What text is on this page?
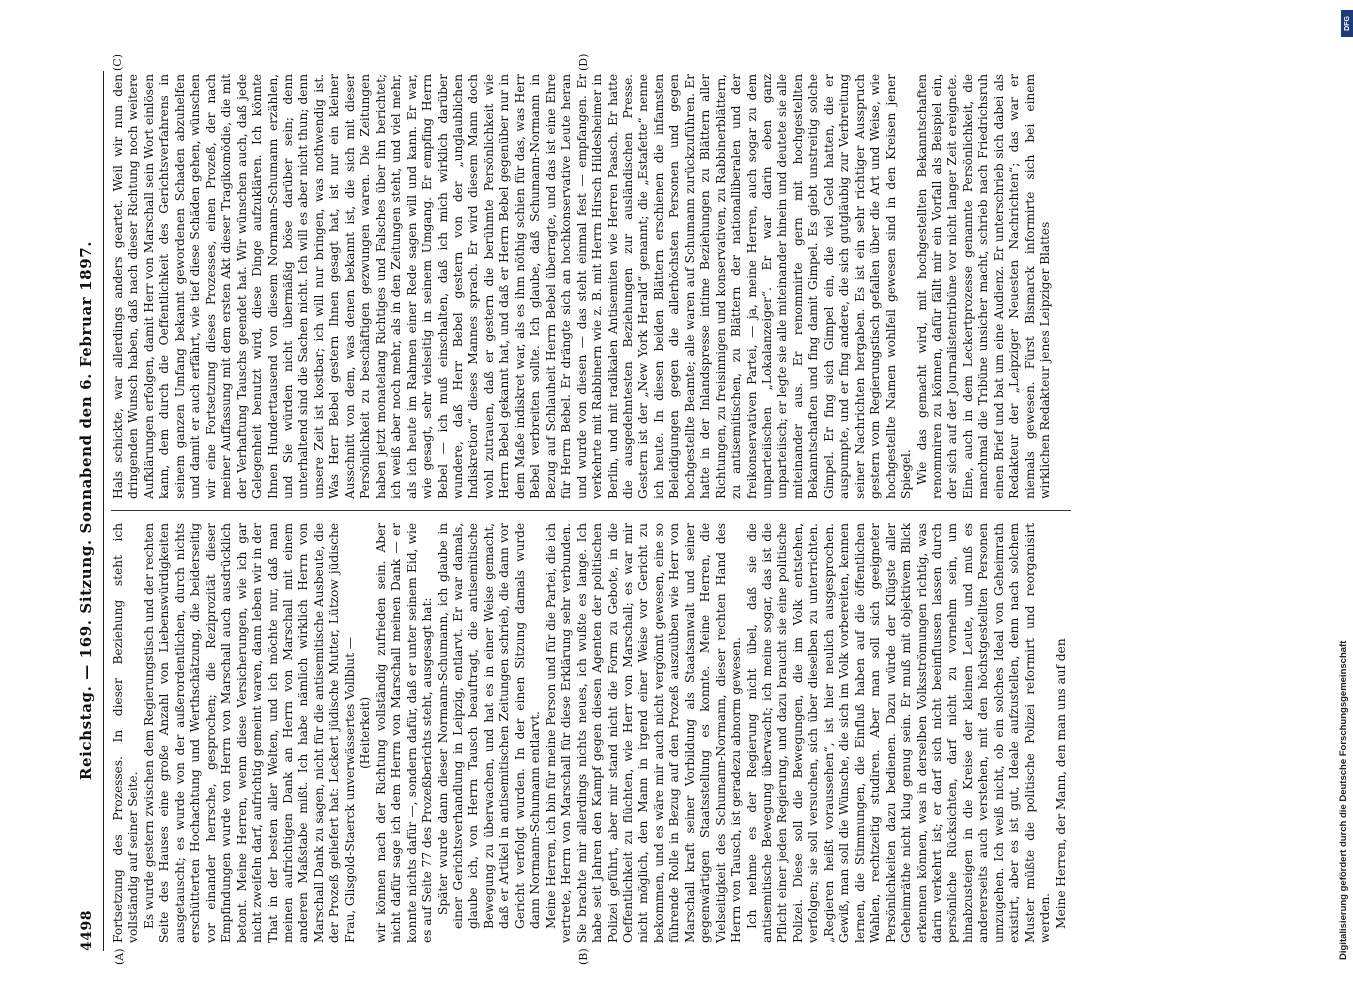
4498
Reichstag. — 169. Sitzung. Sonnabend den 6. Februar 1897.
(A)	(B)
(C)	(D)

Fortsetzung des Prozesses. In dieser Beziehung steht ich vollständig auf seiner Seite. Es wurde gestern zwischen dem Regierungstisch und der rechten Seite des Hauses eine große Anzahl von Liebenswürdigkeiten ausgetauscht; es wurde von der außerordentlichen, durch nichts erschütterten Hochachtung und Werthschätzung, die beiderseitig vor einander herrsche, gesprochen; die Reziprozität dieser Empfindungen wurde von Herrn von Marschall auch ausdrücklich betont. Meine Herren, wenn diese Versicherungen, wie ich gar nicht zweifeln darf, aufrichtig gemeint waren, dann leben wir in der That in der besten aller Welten, und ich möchte nur, daß man meinen aufrichtigen Dank an Herrn von Marschall mit einem anderen Maßstabe mißt. Ich habe nämlich wirklich Herrn von Marschall Dank zu sagen, nicht für die antisemitische Ausbeute, die der Prozeß geliefert hat: Leckert jüdische Mutter, Lützow jüdische Frau, Glisgold-Staerck unverwässertes Vollblut — (Heiterkeit) wir können nach der Richtung vollständig zufrieden sein. Aber nicht dafür sage ich dem Herrn von Marschall meinen Dank — er konnte nichts dafür —, sondern dafür, daß er unter seinem Eid, wie es auf Seite 77 des Prozeßberichts steht, ausgesagt hat: Später wurde dann dieser Normann-Schumann, ich glaube in einer Gerichtsverhandlung in Leipzig, entlarvt. Er war damals, glaube ich, von Herrn Tausch beauftragt, die antisemitische Bewegung zu überwachen, und hat es in einer Weise gemacht, daß er Artikel in antisemitischen Zeitungen schrieb, die dann vor Gericht verfolgt wurden. In der einen Sitzung damals wurde dann Normann-Schumann entlarvt. Meine Herren, ich bin für meine Person und für die Partei, die ich vertrete, Herrn von Marschall für diese Erklärung sehr verbunden. Sie brachte mir allerdings nichts neues, ich wußte es lange. Ich habe seit Jahren den Kampf gegen diesen Agenten der politischen Polizei geführt, aber mir stand nicht die Form zu Gebote, in die Oeffentlichkeit zu flüchten, wie Herr von Marschall; es war mir nicht möglich, den Mann in irgend einer Weise vor Gericht zu bekommen, und es wäre mir auch nicht vergönnt gewesen, eine so führende Rolle in Bezug auf den Prozeß auszuüben wie Herr von Marschall kraft seiner Vorbildung als Staatsanwalt und seiner gegenwärtigen Staatsstellung es konnte. Meine Herren, die Vielseitigkeit des Schumann-Normann, dieser rechten Hand des Herrn von Tausch, ist geradezu abnorm gewesen. Ich nehme es der Regierung nicht übel, daß sie die antisemitische Bewegung überwacht; ich meine sogar, das ist die Pflicht einer jeden Regierung, und dazu braucht sie eine politische Polizei. Diese soll die Bewegungen, die im Volk entstehen, verfolgen; sie soll versuchen, sich über dieselben zu unterrichten. „Regieren heißt voraussehen“, ist hier neulich ausgesprochen. Gewiß, man soll die Wünsche, die sich im Volk vorbereiten, kennen lernen, die Stimmungen, die Einfluß haben auf die öffentlichen Wahlen, rechtzeitig studiren. Aber man soll sich geeigneter Persönlichkeiten dazu bedienen. Dazu würde der Klügste aller Geheimräthe nicht klug genug sein. Er muß mit objektivem Blick erkennen können, was in derselben Volksströmungen richtig, was darin verkehrt ist; er darf sich nicht beeinflussen lassen durch persönliche Rücksichten, darf nicht zu vornehm sein, um hinabzusteigen in die Kreise der kleinen Leute, und muß es andererseits auch verstehen, mit den höchstgestellten Personen umzugehen. Ich weiß nicht, ob ein solches Ideal von Geheimrath existirt, aber es ist gut, Ideale aufzustellen, denn nach solchem Muster müßte die politische Polizei reformirt und reorganisirt werden. Meine Herren, der Mann, den man uns auf den

Hals schickte, war allerdings anders geartet. Weil wir nun den dringenden Wunsch haben, daß nach dieser Richtung noch weitere Aufklärungen erfolgen, damit Herr von Marschall sein Wort einlösen kann, dem durch die Oeffentlichkeit des Gerichtsverfahrens in seinem ganzen Umfang bekannt gewordenen Schaden abzuhelfen und damit er auch erfährt, wie tief diese Schäden gehen, wünschen wir eine Fortsetzung dieses Prozesses, einen Prozeß, der nach meiner Auffassung mit dem ersten Akt dieser Tragikomödie, die mit der Verhaftung Tauschs geendet hat. Wir wünschen auch, daß jede Gelegenheit benutzt wird, diese Dinge aufzuklären. Ich könnte Ihnen Hunderttausend von diesem Normann-Schumann erzählen, und Sie würden nicht übermäßig böse darüber sein; denn unterhaltend sind die Sachen nicht. Ich will es aber nicht thun; denn unsere Zeit ist kostbar; ich will nur bringen, was nothwendig ist. Was Herr Bebel gestern Ihnen gesagt hat, ist nur ein kleiner Ausschnitt von dem, was denen bekannt ist, die sich mit dieser Persönlichkeit zu beschäftigen gezwungen waren. Die Zeitungen haben jetzt monatelang Richtiges und Falsches über ihn berichtet; ich weiß aber noch mehr, als in den Zeitungen steht, und viel mehr, als ich heute im Rahmen einer Rede sagen will und kann. Er war, wie gesagt, sehr vielseitig in seinem Umgang. Er empfing Herrn Bebel — ich muß einschalten, daß ich mich wirklich darüber wundere, daß Herr Bebel gestern von der „unglaublichen Indiskretion“ dieses Mannes sprach. Er wird diesem Mann doch wohl zutrauen, daß er gestern die berühmte Persönlichkeit wie Herrn Bebel gekannt hat, und daß er Herrn Bebel gegenüber nur in dem Maße indiskret war, als es ihm nöthig schien für das, was Herr Bebel verbreiten sollte. Ich glaube, daß Schumann-Normann in Bezug auf Schlauheit Herrn Bebel überragte, und das ist eine Ehre für Herrn Bebel. Er drängte sich an hochkonservative Leute heran und wurde von diesen — das steht einmal fest — empfangen. Er verkehrte mit Rabbinern wie z. B. mit Herrn Hirsch Hildesheimer in Berlin, und mit radikalen Antisemiten wie Herren Paasch. Er hatte die ausgedehntesten Beziehungen zur ausländischen Presse. Gestern ist der „New York Herald“ genannt; die „Estafette“ nenne ich heute. In diesen beiden Blättern erschienen die infamsten Beleidigungen gegen die allerhöchsten Personen und gegen hochgestellte Beamte; alle waren auf Schumann zurückzuführen. Er hatte in der Inlandspresse intime Beziehungen zu Blättern aller Richtungen, zu freisinnigen und konservativen, zu Rabbinerblättern, zu antisemitischen, zu Blättern der nationalliberalen und der freikonservativen Partei, — ja, meine Herren, auch sogar zu dem unparteiischen „Lokalanzeiger“. Er war darin eben ganz unparteiisch; er legte sie alle miteinander hinein und deutete sie alle miteinander aus. Er renommirte gern mit hochgestellten Bekanntschaften und fing damit Gimpel. Es giebt unstreitig solche Gimpel. Er fing sich Gimpel ein, die viel Geld hatten, die er auspumpte, und er fing andere, die sich gutgläubig zur Verbreitung seiner Nachrichten hergaben. Es ist ein sehr richtiger Ausspruch gestern vom Regierungstisch gefallen über die Art und Weise, wie hochgestellte Namen wohlfeil gewesen sind in den Kreisen jener Spiegel. Wie das gemacht wird, mit hochgestellten Bekanntschaften renommiren zu können, dafür fällt mir ein Vorfall als Beispiel ein, der sich auf der Journalistentribüne vor nicht langer Zeit ereignete. Eine, auch in dem Leckertprozesse genannte Persönlichkeit, die manchmal die Tribüne unsicher macht, schrieb nach Friedrichsruh einen Brief und bat um eine Audienz. Er unterschrieb sich dabei als Redakteur der „Leipziger Neuesten Nachrichten“; das war er niemals gewesen. Fürst Bismarck informirte sich bei einem wirklichen Redakteur jenes Leipziger Blattes

DFG
Digitalisierung gefördert durch die Deutsche Forschungsgemeinschaft
